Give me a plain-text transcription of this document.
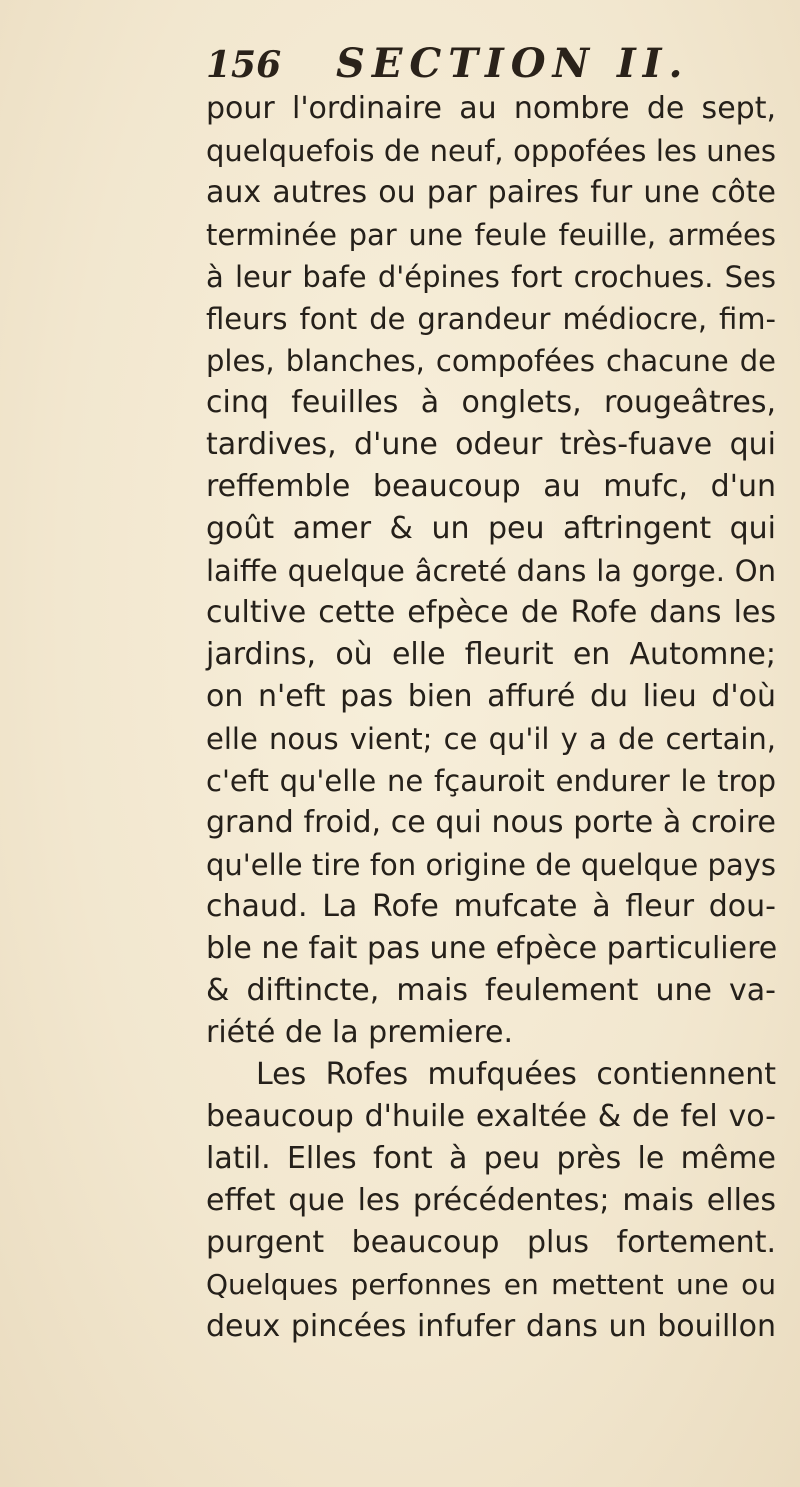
156 SECTION II.
pour l'ordinaire au nombre de sept,
quelquefois de neuf, oppofées les unes
aux autres ou par paires fur une côte
terminée par une feule feuille, armées
à leur bafe d'épines fort crochues. Ses
fleurs font de grandeur médiocre, fim-
ples, blanches, compofées chacune de
cinq feuilles à onglets, rougeâtres,
tardives, d'une odeur très-fuave qui
reffemble beaucoup au mufc, d'un
goût amer & un peu aftringent qui
laiffe quelque âcreté dans la gorge. On
cultive cette efpèce de Rofe dans les
jardins, où elle fleurit en Automne;
on n'eft pas bien affuré du lieu d'où
elle nous vient; ce qu'il y a de certain,
c'eft qu'elle ne fçauroit endurer le trop
grand froid, ce qui nous porte à croire
qu'elle tire fon origine de quelque pays
chaud. La Rofe mufcate à fleur dou-
ble ne fait pas une efpèce particuliere
& diftincte, mais feulement une va-
riété de la premiere.
Les Rofes mufquées contiennent
beaucoup d'huile exaltée & de fel vo-
latil. Elles font à peu près le même
effet que les précédentes; mais elles
purgent beaucoup plus fortement.
Quelques perfonnes en mettent une ou
deux pincées infufer dans un bouillon
